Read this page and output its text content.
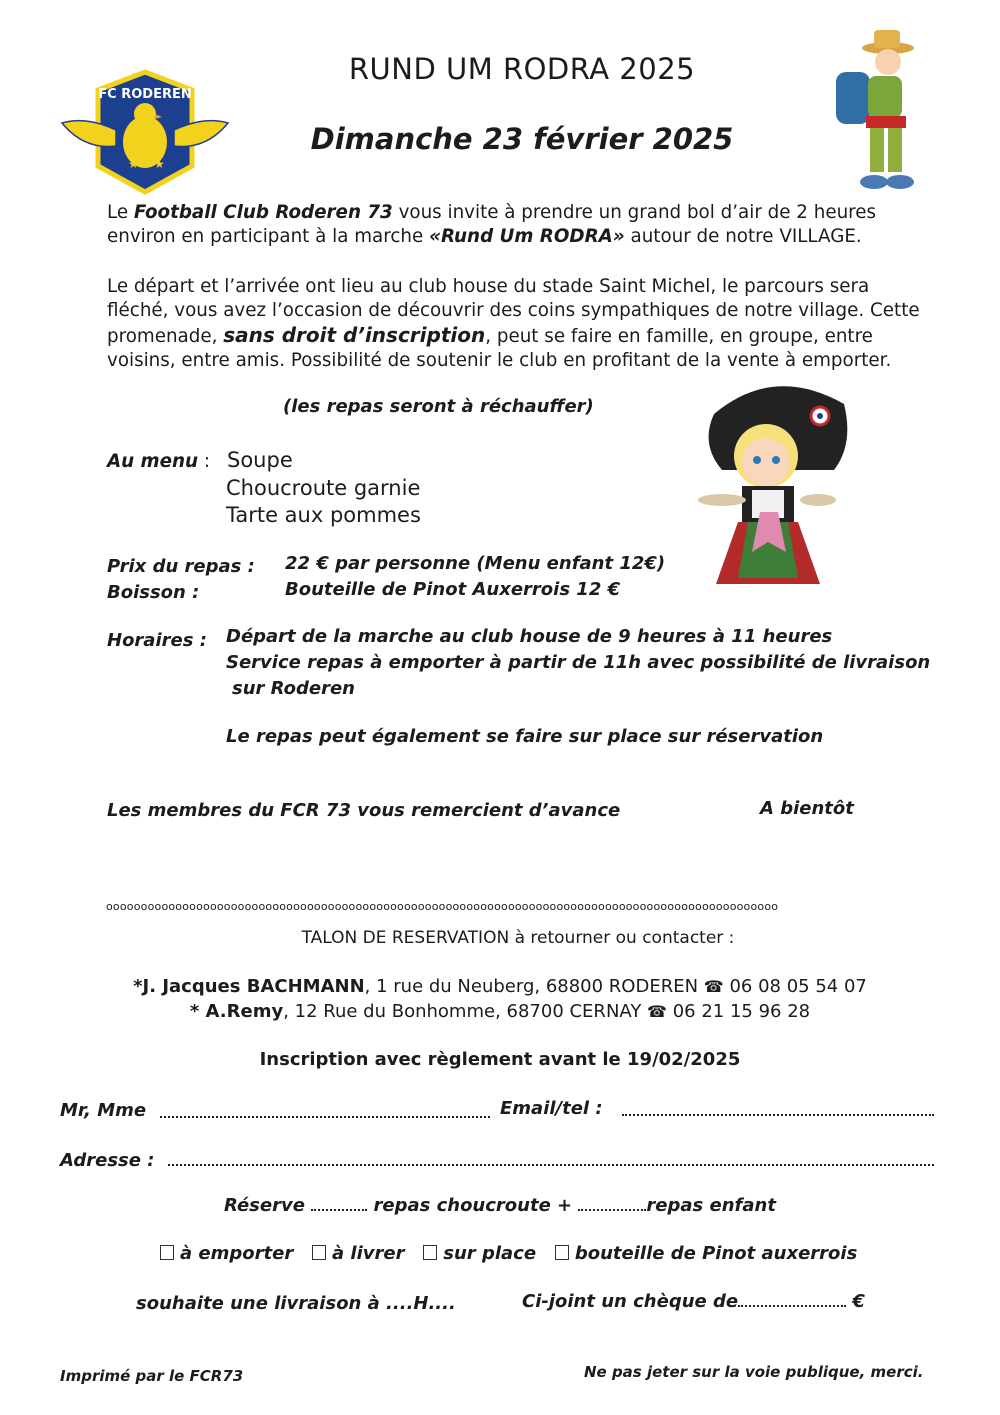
★ ★
FC RODEREN
73
RUND UM RODRA 2025
Dimanche 23 février 2025
Le Football Club Roderen 73 vous invite à prendre un grand bol d’air de 2 heures environ en participant à la marche «Rund Um RODRA» autour de notre VILLAGE.
Le départ et l’arrivée ont lieu au club house du stade Saint Michel, le parcours sera fléché, vous avez l’occasion de découvrir des coins sympathiques de notre village. Cette promenade, sans droit d’inscription, peut se faire en famille, en groupe, entre voisins, entre amis. Possibilité de soutenir le club en profitant de la vente à emporter.
(les repas seront à réchauffer)
Au menu : Soupe
Choucroute garnie
Tarte aux pommes
Prix du repas : 22 € par personne (Menu enfant 12€)
Boisson :	Bouteille de Pinot Auxerrois 12 €
Horaires : Départ de la marche au club house de 9 heures à 11 heures
Service repas à emporter à partir de 11h avec possibilité de livraison
sur Roderen
Le repas peut également se faire sur place sur réservation
Les membres du FCR 73 vous remercient d’avance	A bientôt
ooooooooooooooooooooooooooooooooooooooooooooooooooooooooooooooooooooooooooooooooooooooooooooooooo
TALON DE RESERVATION à retourner ou contacter :
*J. Jacques BACHMANN, 1 rue du Neuberg, 68800 RODEREN ☎ 06 08 05 54 07
* A.Remy, 12 Rue du Bonhomme, 68700 CERNAY ☎ 06 21 15 96 28
Inscription avec règlement avant le 19/02/2025
Mr, Mme	Email/tel :
Adresse :
Réserve	repas choucroute +	repas enfant
à emporter à livrer sur place bouteille de Pinot auxerrois
souhaite une livraison à ....H....	Ci-joint un chèque de	€
Imprimé par le FCR73	Ne pas jeter sur la voie publique, merci.
